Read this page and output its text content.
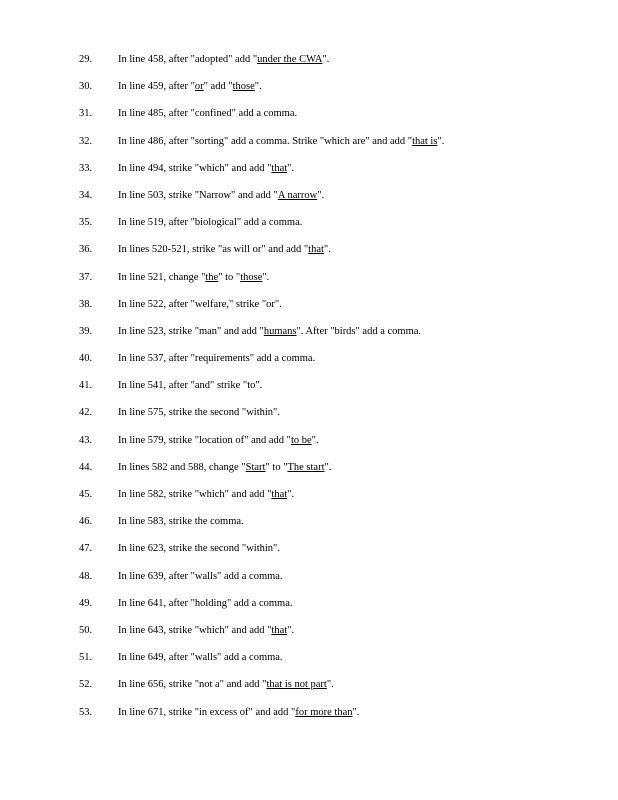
29. In line 458, after "adopted" add "under the CWA".
30. In line 459, after "or" add "those".
31. In line 485, after "confined" add a comma.
32. In line 486, after "sorting" add a comma. Strike "which are" and add "that is".
33. In line 494, strike "which" and add "that".
34. In line 503, strike "Narrow" and add "A narrow".
35. In line 519, after "biological" add a comma.
36. In lines 520-521, strike "as will or" and add "that".
37. In line 521, change "the" to "those".
38. In line 522, after "welfare," strike "or".
39. In line 523, strike "man" and add "humans". After "birds" add a comma.
40. In line 537, after "requirements" add a comma.
41. In line 541, after "and" strike "to".
42. In line 575, strike the second "within".
43. In line 579, strike "location of" and add "to be".
44. In lines 582 and 588, change "Start" to "The start".
45. In line 582, strike "which" and add "that".
46. In line 583, strike the comma.
47. In line 623, strike the second "within".
48. In line 639, after "walls" add a comma.
49. In line 641, after "holding" add a comma.
50. In line 643, strike "which" and add "that".
51. In line 649, after "walls" add a comma.
52. In line 656, strike "not a" and add "that is not part".
53. In line 671, strike "in excess of" and add "for more than".
